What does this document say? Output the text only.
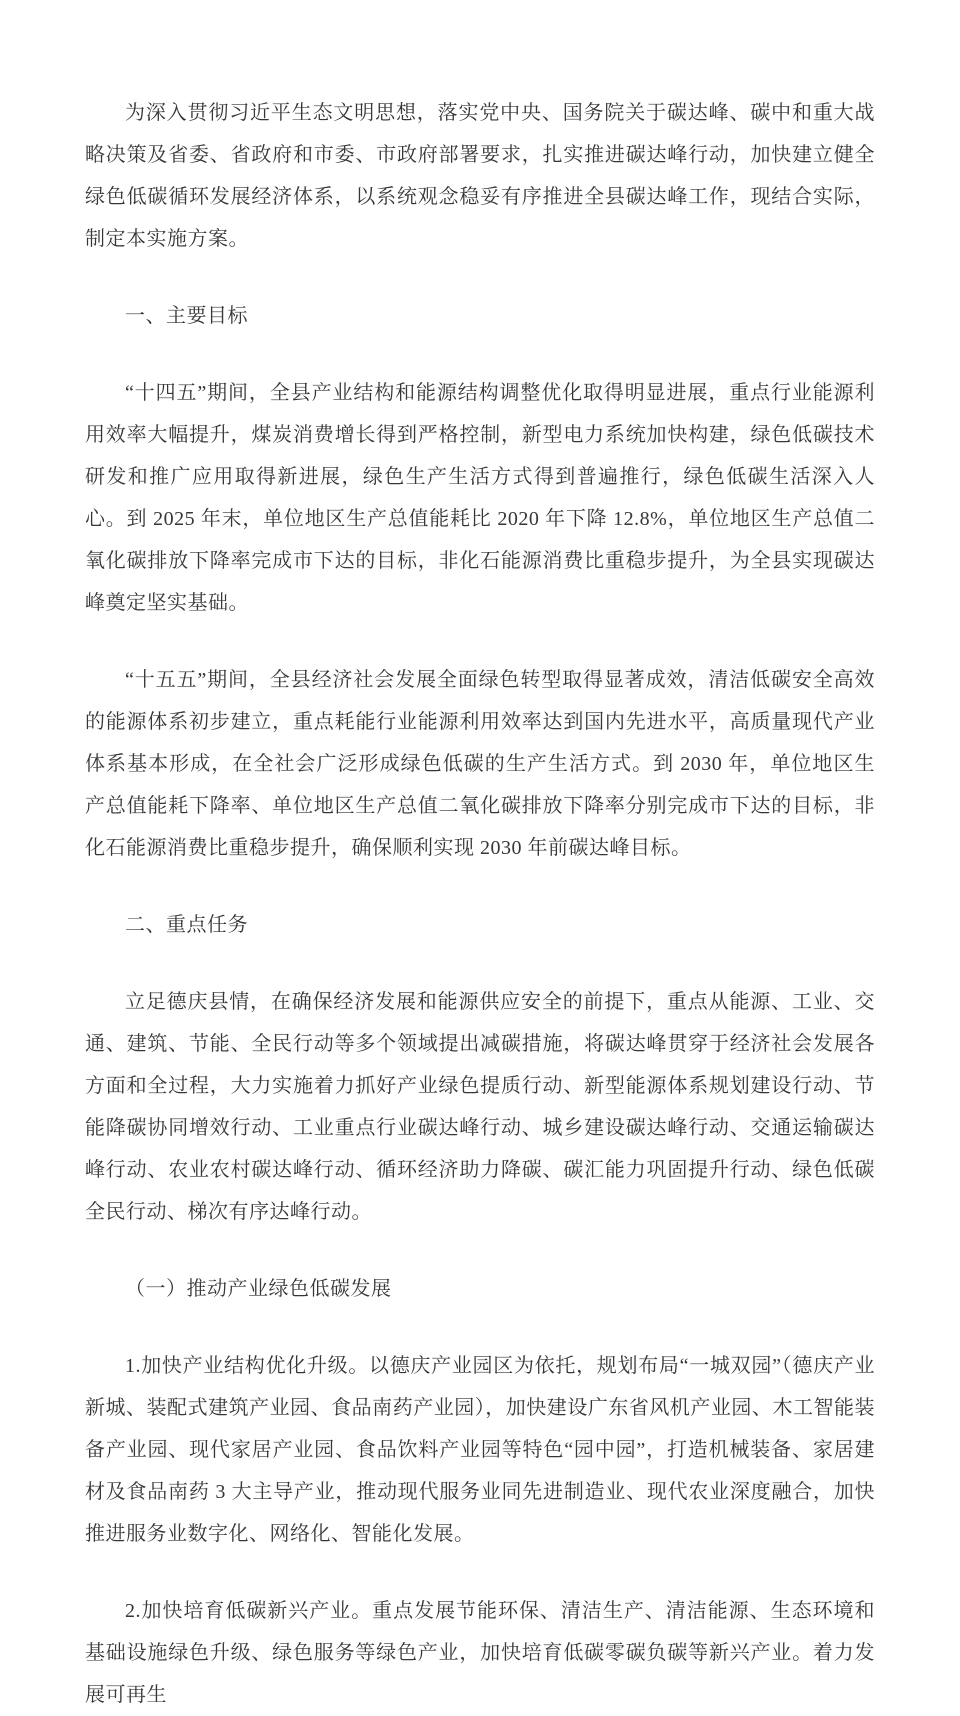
为深入贯彻习近平生态文明思想，落实党中央、国务院关于碳达峰、碳中和重大战略决策及省委、省政府和市委、市政府部署要求，扎实推进碳达峰行动，加快建立健全绿色低碳循环发展经济体系，以系统观念稳妥有序推进全县碳达峰工作，现结合实际，制定本实施方案。

一、主要目标

“十四五”期间，全县产业结构和能源结构调整优化取得明显进展，重点行业能源利用效率大幅提升，煤炭消费增长得到严格控制，新型电力系统加快构建，绿色低碳技术研发和推广应用取得新进展，绿色生产生活方式得到普遍推行，绿色低碳生活深入人心。到 2025 年末，单位地区生产总值能耗比 2020 年下降 12.8%，单位地区生产总值二氧化碳排放下降率完成市下达的目标，非化石能源消费比重稳步提升，为全县实现碳达峰奠定坚实基础。

“十五五”期间，全县经济社会发展全面绿色转型取得显著成效，清洁低碳安全高效的能源体系初步建立，重点耗能行业能源利用效率达到国内先进水平，高质量现代产业体系基本形成，在全社会广泛形成绿色低碳的生产生活方式。到 2030 年，单位地区生产总值能耗下降率、单位地区生产总值二氧化碳排放下降率分别完成市下达的目标，非化石能源消费比重稳步提升，确保顺利实现 2030 年前碳达峰目标。

二、重点任务

立足德庆县情，在确保经济发展和能源供应安全的前提下，重点从能源、工业、交通、建筑、节能、全民行动等多个领域提出减碳措施，将碳达峰贯穿于经济社会发展各方面和全过程，大力实施着力抓好产业绿色提质行动、新型能源体系规划建设行动、节能降碳协同增效行动、工业重点行业碳达峰行动、城乡建设碳达峰行动、交通运输碳达峰行动、农业农村碳达峰行动、循环经济助力降碳、碳汇能力巩固提升行动、绿色低碳全民行动、梯次有序达峰行动。

（一）推动产业绿色低碳发展

1.加快产业结构优化升级。以德庆产业园区为依托，规划布局“一城双园”（德庆产业新城、装配式建筑产业园、食品南药产业园），加快建设广东省风机产业园、木工智能装备产业园、现代家居产业园、食品饮料产业园等特色“园中园”，打造机械装备、家居建材及食品南药 3 大主导产业，推动现代服务业同先进制造业、现代农业深度融合，加快推进服务业数字化、网络化、智能化发展。

2.加快培育低碳新兴产业。重点发展节能环保、清洁生产、清洁能源、生态环境和基础设施绿色升级、绿色服务等绿色产业，加快培育低碳零碳负碳等新兴产业。着力发展可再生
